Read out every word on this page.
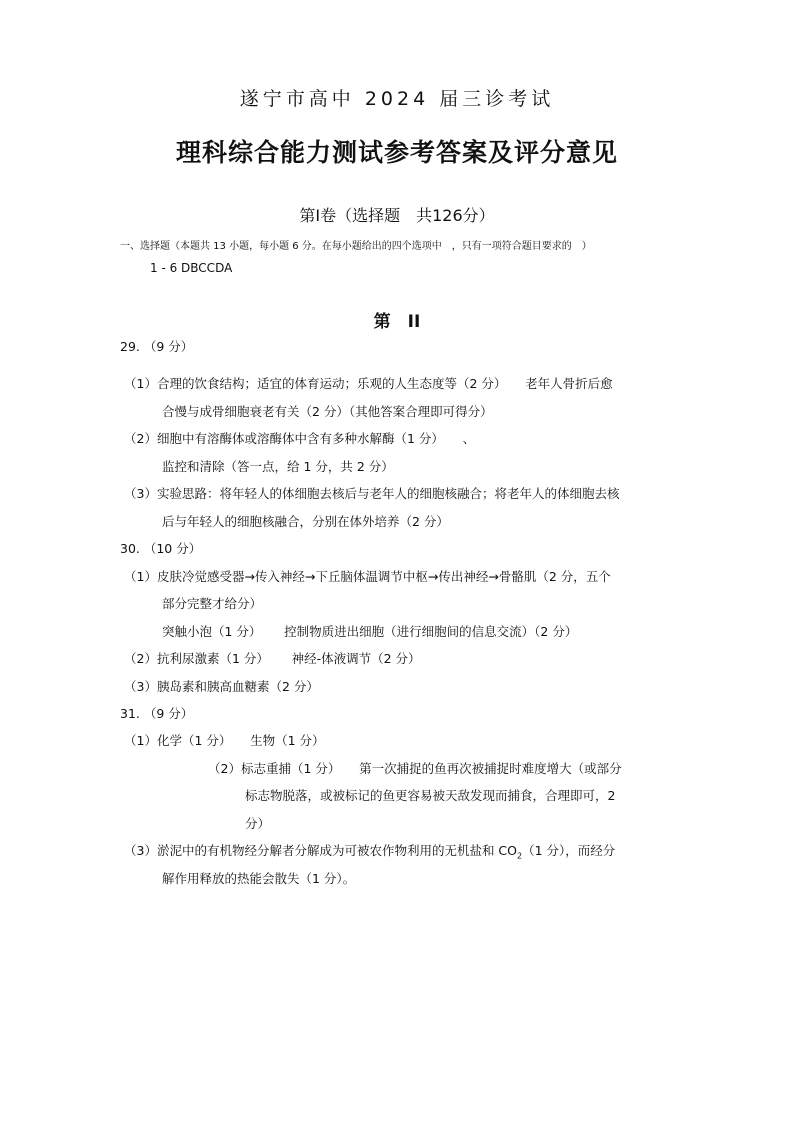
遂宁市高中 2024 届三诊考试
理科综合能力测试参考答案及评分意见
第Ⅰ卷（选择题　共126分）
一、选择题（本题共 13 小题，每小题 6 分。在每小题给出的四个选项中　，只有一项符合题目要求的　）
1 - 6 DBCCDA
第　II
29. （9 分）
（1）合理的饮食结构；适宜的体育运动；乐观的人生态度等（2 分）　　老年人骨折后愈
合慢与成骨细胞衰老有关（2 分）（其他答案合理即可得分）
（2）细胞中有溶酶体或溶酶体中含有多种水解酶（1 分）　　、
监控和清除（答一点，给 1 分，共 2 分）
（3）实验思路：将年轻人的体细胞去核后与老年人的细胞核融合；将老年人的体细胞去核
后与年轻人的细胞核融合，分别在体外培养（2 分）
30. （10 分）
（1）皮肤冷觉感受器→传入神经→下丘脑体温调节中枢→传出神经→骨骼肌（2 分，五个
部分完整才给分）
突触小泡（1 分）　　 控制物质进出细胞（进行细胞间的信息交流）（2 分）
（2）抗利尿激素（1 分）　　 神经-体液调节（2 分）
（3）胰岛素和胰高血糖素（2 分）
31. （9 分）
（1）化学（1 分）　　生物（1 分）
（2）标志重捕（1 分）　　第一次捕捉的鱼再次被捕捉时难度增大（或部分
标志物脱落，或被标记的鱼更容易被天敌发现而捕食，合理即可，2
分）
（3）淤泥中的有机物经分解者分解成为可被农作物利用的无机盐和 $CO_2(1$ 分），而经分
解作用释放的热能会散失（1 分）。
